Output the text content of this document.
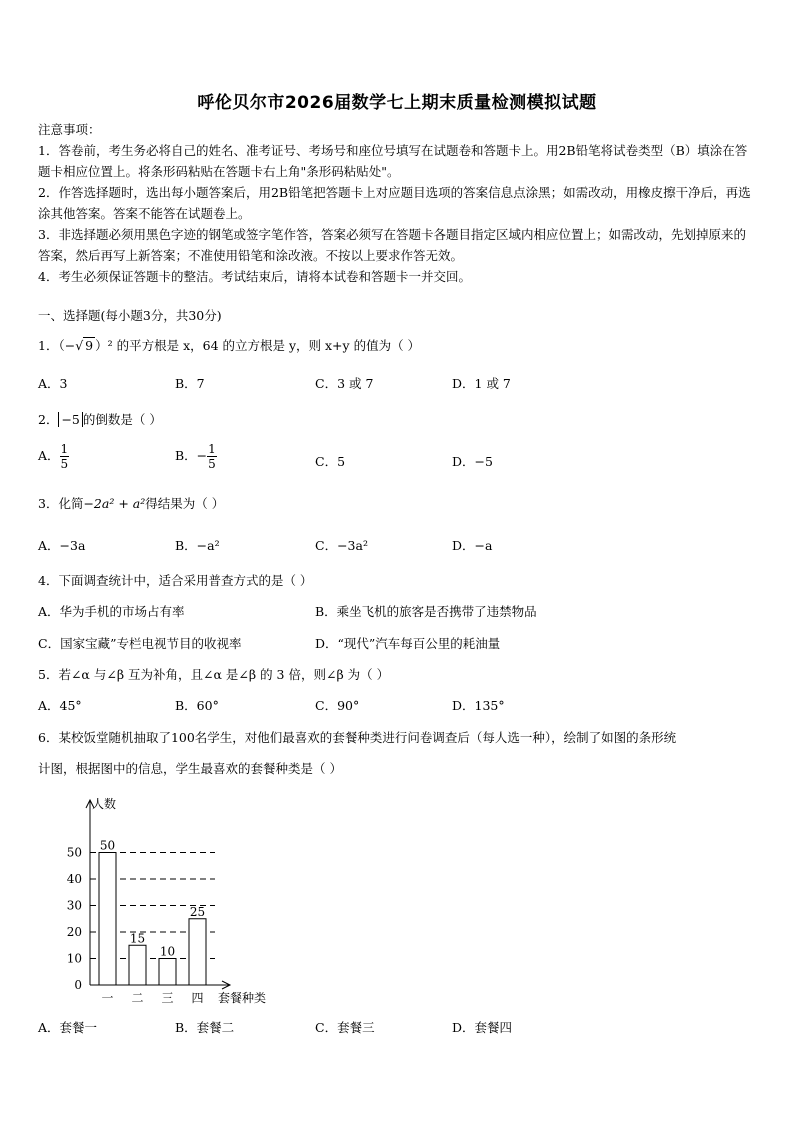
呼伦贝尔市2026届数学七上期末质量检测模拟试题
注意事项：
1．答卷前，考生务必将自己的姓名、准考证号、考场号和座位号填写在试题卷和答题卡上。用2B铅笔将试卷类型（B）填涂在答题卡相应位置上。将条形码粘贴在答题卡右上角"条形码粘贴处"。
2．作答选择题时，选出每小题答案后，用2B铅笔把答题卡上对应题目选项的答案信息点涂黑；如需改动，用橡皮擦干净后，再选涂其他答案。答案不能答在试题卷上。
3．非选择题必须用黑色字迹的钢笔或签字笔作答，答案必须写在答题卡各题目指定区域内相应位置上；如需改动，先划掉原来的答案，然后再写上新答案；不准使用铅笔和涂改液。不按以上要求作答无效。
4．考生必须保证答题卡的整洁。考试结束后，请将本试卷和答题卡一并交回。
一、选择题(每小题3分，共30分)
1．（−√ 9 ）² 的平方根是 x，64 的立方根是 y，则 x+y 的值为（ ）
A．3	B．7	C．3 或 7	D．1 或 7
2． −5 的倒数是（ ）
A． $\frac{1}{5}$	B．− $\frac{1}{5}$	C．5	D．−5
3．化简−2a² + a²得结果为（ ）
A．−3a	B．−a²	C．−3a²	D．−a
4．下面调查统计中，适合采用普查方式的是（ ）
A．华为手机的市场占有率	B．乘坐飞机的旅客是否携带了违禁物品
C．国家宝藏”专栏电视节目的收视率	D．“现代”汽车每百公里的耗油量
5．若∠α 与∠β 互为补角，且∠α 是∠β 的 3 倍，则∠β 为（ ）
A．45°	B．60°	C．90°	D．135°
6．某校饭堂随机抽取了100名学生，对他们最喜欢的套餐种类进行问卷调查后（每人选一种），绘制了如图的条形统
计图，根据图中的信息，学生最喜欢的套餐种类是（ ）
人数
套餐种类
0
10
20
30
40
50 50
一
15
二
10
三
25
四
A．套餐一	B．套餐二	C．套餐三	D．套餐四
